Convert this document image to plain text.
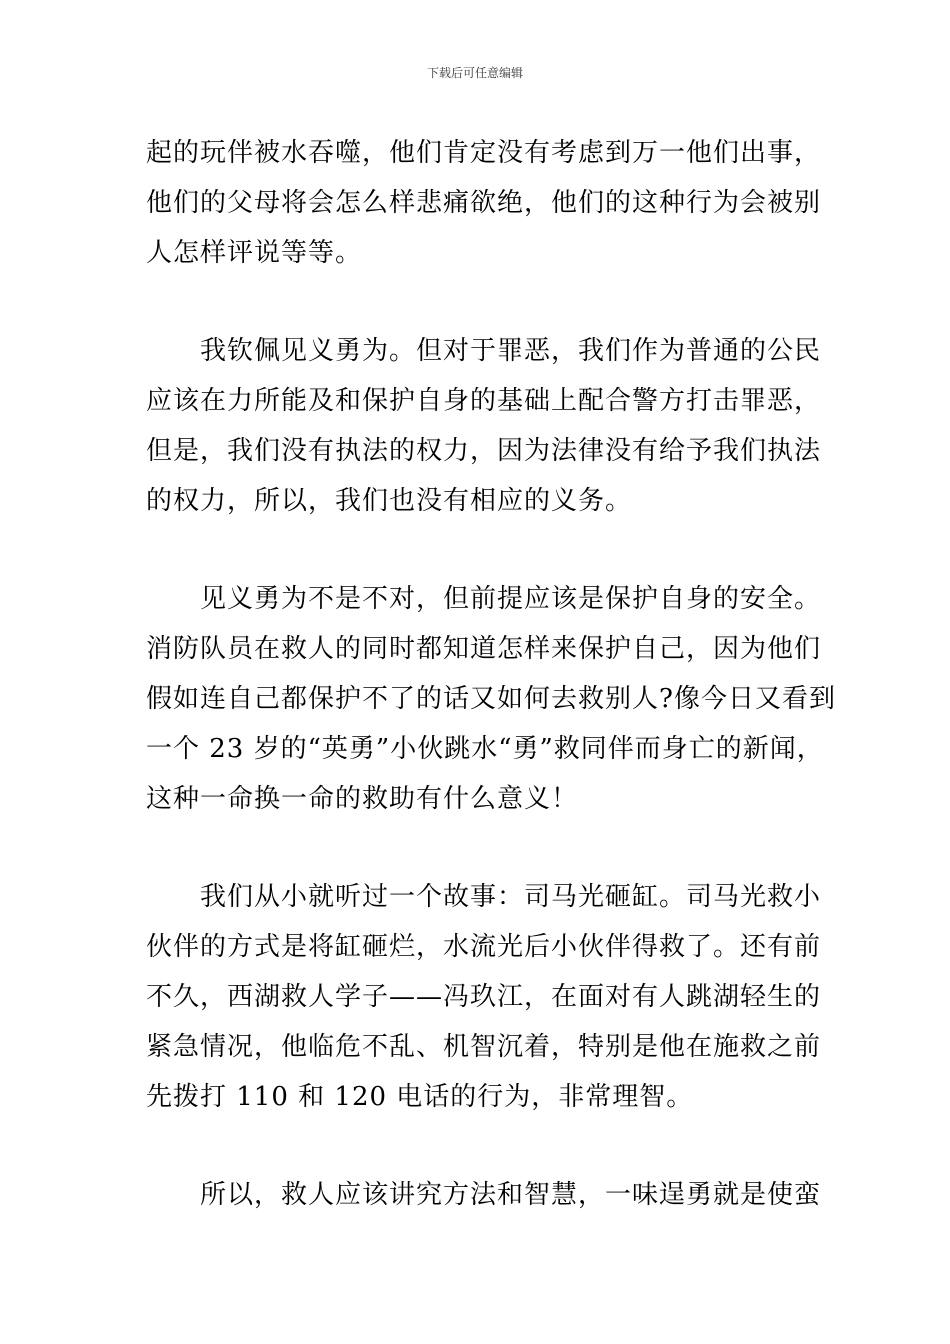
下载后可任意编辑

起的玩伴被水吞噬，他们肯定没有考虑到万一他们出事，
他们的父母将会怎么样悲痛欲绝，他们的这种行为会被别
人怎样评说等等。

　　我钦佩见义勇为。但对于罪恶，我们作为普通的公民
应该在力所能及和保护自身的基础上配合警方打击罪恶，
但是，我们没有执法的权力，因为法律没有给予我们执法
的权力，所以，我们也没有相应的义务。

　　见义勇为不是不对，但前提应该是保护自身的安全。
消防队员在救人的同时都知道怎样来保护自己，因为他们
假如连自己都保护不了的话又如何去救别人?像今日又看到
一个 23 岁的“英勇”小伙跳水“勇”救同伴而身亡的新闻，
这种一命换一命的救助有什么意义！

　　我们从小就听过一个故事：司马光砸缸。司马光救小
伙伴的方式是将缸砸烂，水流光后小伙伴得救了。还有前
不久，西湖救人学子——冯玖江，在面对有人跳湖轻生的
紧急情况，他临危不乱、机智沉着，特别是他在施救之前
先拨打 110 和 120 电话的行为，非常理智。

　　所以，救人应该讲究方法和智慧，一味逞勇就是使蛮
